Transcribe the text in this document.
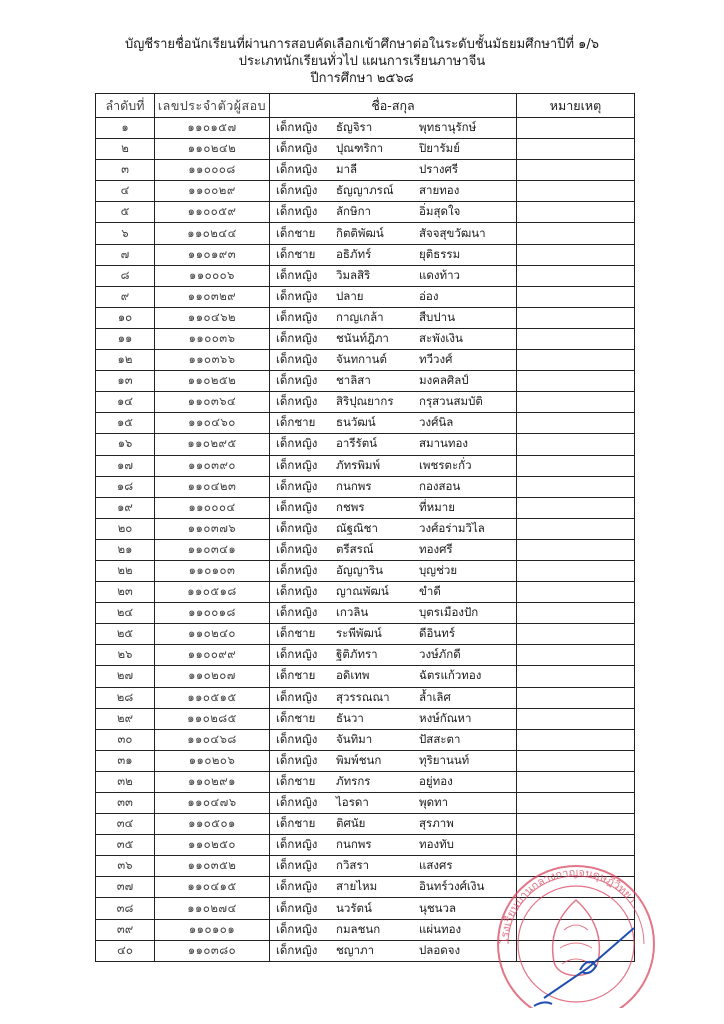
บัญชีรายชื่อนักเรียนที่ผ่านการสอบคัดเลือกเข้าศึกษาต่อในระดับชั้นมัธยมศึกษาปีที่ ๑/๖
ประเภทนักเรียนทั่วไป แผนการเรียนภาษาจีน
ปีการศึกษา ๒๕๖๘
ลำดับที่	เลขประจำตัวผู้สอบ	ชื่อ-สกุล	หมายเหตุ
๑	๑๑๐๑๕๗	เด็กหญิง ธัญจิรา พุทธานุรักษ์	
๒	๑๑๐๒๔๒	เด็กหญิง ปุณฑริกา ปิยารัมย์	
๓	๑๑๐๐๐๘	เด็กหญิง มาลี ปรางศรี	
๔	๑๑๐๐๒๙	เด็กหญิง ธัญญาภรณ์ สายทอง	
๕	๑๑๐๐๕๙	เด็กหญิง ลักษิกา อิ่มสุดใจ	
๖	๑๑๐๒๔๔	เด็กชาย กิตติพัฒน์ สัจจสุขวัฒนา	
๗	๑๑๐๑๙๓	เด็กชาย อธิภัทร์ ยุติธรรม	
๘	๑๑๐๐๐๖	เด็กหญิง วิมลสิริ แดงท้าว	
๙	๑๑๐๓๒๙	เด็กหญิง ปลาย อ่อง	
๑๐	๑๑๐๔๖๒	เด็กหญิง กาญเกล้า สืบปาน	
๑๑	๑๑๐๐๓๖	เด็กหญิง ชนันท์ฎิภา สะพังเงิน	
๑๒	๑๑๐๓๖๖	เด็กหญิง จันทกานต์ ทวีวงศ์	
๑๓	๑๑๐๒๕๒	เด็กหญิง ชาลิสา มงคลศิลป์	
๑๔	๑๑๐๓๖๔	เด็กหญิง สิริปุณยากร กรุสวนสมบัติ	
๑๕	๑๑๐๔๖๐	เด็กชาย ธนวัฒน์ วงศ์นิล	
๑๖	๑๑๐๒๙๕	เด็กหญิง อารีรัตน์ สมานทอง	
๑๗	๑๑๐๓๙๐	เด็กหญิง ภัทรพิมพ์ เพชรตะกั่ว	
๑๘	๑๑๐๔๒๓	เด็กหญิง กนกพร กองสอน	
๑๙	๑๑๐๐๐๔	เด็กหญิง กชพร ที่หมาย	
๒๐	๑๑๐๓๗๖	เด็กหญิง ณัฐณิชา วงศ์อร่ามวิไล	
๒๑	๑๑๐๓๔๑	เด็กหญิง ตรีสรณ์ ทองศรี	
๒๒	๑๑๐๑๐๓	เด็กหญิง อัญญาริน บุญช่วย	
๒๓	๑๑๐๕๑๘	เด็กหญิง ญาณพัฒน์ ขำดี	
๒๔	๑๑๐๐๑๘	เด็กหญิง เกวลิน บุตรเมืองปัก	
๒๕	๑๑๐๒๔๐	เด็กชาย ระพีพัฒน์ ดีอินทร์	
๒๖	๑๑๐๐๙๙	เด็กหญิง ฐิติภัทรา วงษ์ภักดี	
๒๗	๑๑๐๒๐๗	เด็กชาย อดิเทพ ฉัตรแก้วทอง	
๒๘	๑๑๐๕๑๕	เด็กหญิง สุวรรณณา ล้ำเลิศ	
๒๙	๑๑๐๒๘๕	เด็กชาย ธันวา หงษ์กัณหา	
๓๐	๑๑๐๔๖๘	เด็กหญิง จันทิมา ปัสสะตา	
๓๑	๑๑๐๒๐๖	เด็กหญิง พิมพ์ชนก ทุริยานนท์	
๓๒	๑๑๐๒๙๑	เด็กชาย ภัทรกร อยู่ทอง	
๓๓	๑๑๐๔๗๖	เด็กหญิง ไอรดา พุดทา	
๓๔	๑๑๐๕๐๑	เด็กชาย ติศนัย สุรภาพ	
๓๕	๑๑๐๒๕๐	เด็กหญิง กนกพร ทองทับ	
๓๖	๑๑๐๓๕๒	เด็กหญิง กวิสรา แสงศร	
๓๗	๑๑๐๔๑๕	เด็กหญิง สายไหม อินทร์วงศ์เงิน	
๓๘	๑๑๐๒๗๔	เด็กหญิง นวรัตน์ นุชนวล	
๓๙	๑๑๐๑๐๑	เด็กหญิง กมลชนก แผ่นทอง	
๔๐	๑๑๐๓๘๐	เด็กหญิง ชญาภา ปลอดจง	
โรงเรียนบ้านกลางกาญจนดุษฎีวิทยา
